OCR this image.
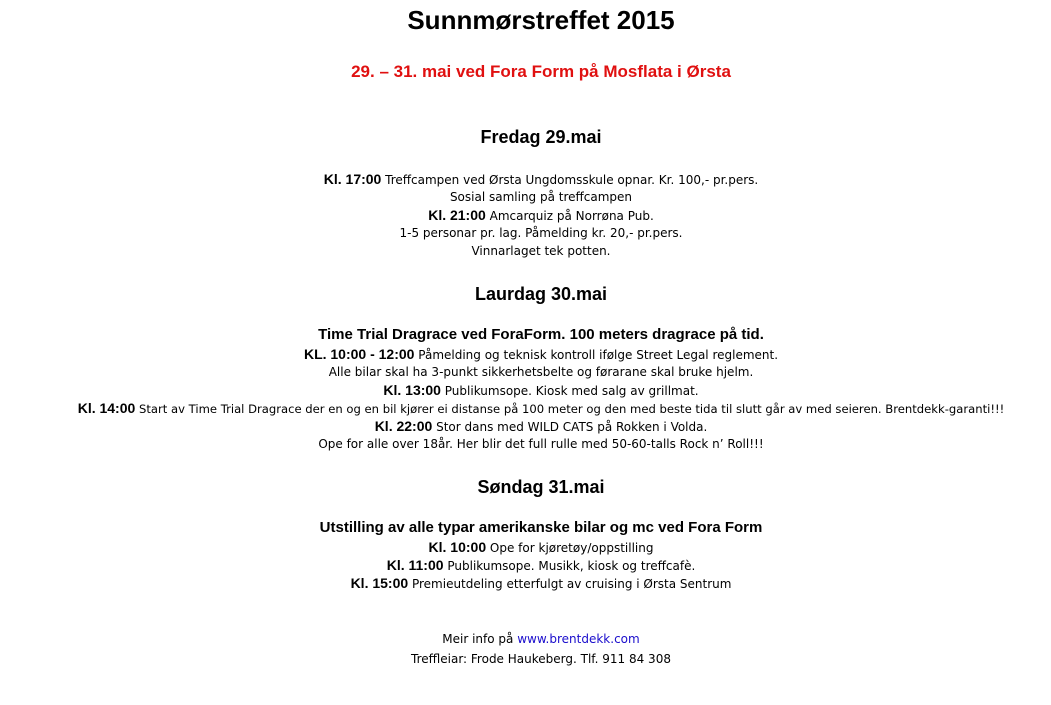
Sunnmørstreffet 2015
29. – 31. mai ved Fora Form på Mosflata i Ørsta
Fredag 29.mai
Kl. 17:00 Treffcampen ved Ørsta Ungdomsskule opnar. Kr. 100,- pr.pers.
Sosial samling på treffcampen
Kl. 21:00 Amcarquiz på Norrøna Pub.
1-5 personar pr. lag. Påmelding kr. 20,- pr.pers.
Vinnarlaget tek potten.
Laurdag 30.mai
Time Trial Dragrace ved ForaForm. 100 meters dragrace på tid.
KL. 10:00 - 12:00 Påmelding og teknisk kontroll ifølge Street Legal reglement.
Alle bilar skal ha 3-punkt sikkerhetsbelte og førarane skal bruke hjelm.
Kl. 13:00 Publikumsope. Kiosk med salg av grillmat.
Kl. 14:00 Start av Time Trial Dragrace der en og en bil kjører ei distanse på 100 meter og den med beste tida til slutt går av med seieren. Brentdekk-garanti!!!
Kl. 22:00 Stor dans med WILD CATS på Rokken i Volda.
Ope for alle over 18år. Her blir det full rulle med 50-60-talls Rock n’ Roll!!!
Søndag 31.mai
Utstilling av alle typar amerikanske bilar og mc ved Fora Form
Kl. 10:00 Ope for kjøretøy/oppstilling
Kl. 11:00 Publikumsope. Musikk, kiosk og treffcafè.
Kl. 15:00 Premieutdeling etterfulgt av cruising i Ørsta Sentrum
Meir info på www.brentdekk.com
Treffleiar: Frode Haukeberg. Tlf. 911 84 308
